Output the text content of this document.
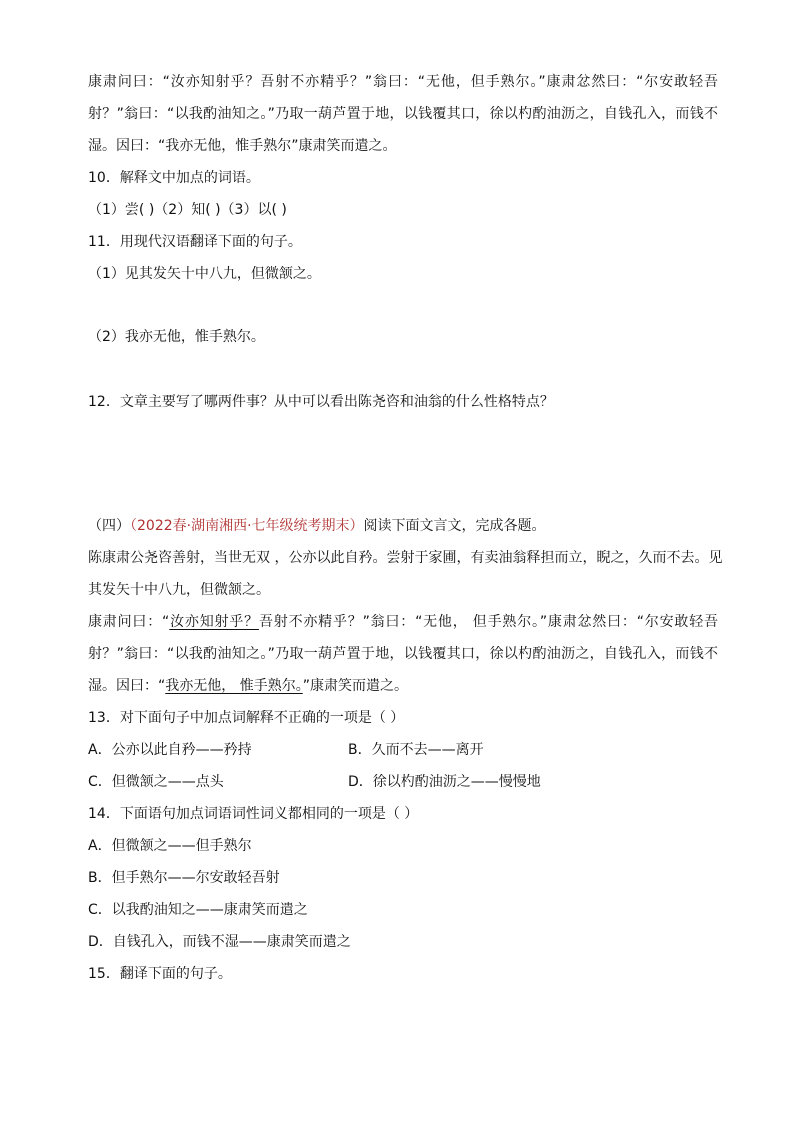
康肃问曰：“汝亦知射乎？吾射不亦精乎？”翁曰：“无他，但手熟尔。”康肃忿然曰：“尔安敢轻吾
射？”翁曰：“以我酌油知之。”乃取一葫芦置于地，以钱覆其口，徐以杓酌油沥之，自钱孔入，而钱不
湿。因曰：“我亦无他，惟手熟尔”康肃笑而遣之。
10．解释文中加点的词语。
（1）尝( )（2）知( )（3）以( )
11．用现代汉语翻译下面的句子。
（1）见其发矢十中八九，但微颔之。
（2）我亦无他，惟手熟尔。
12．文章主要写了哪两件事？从中可以看出陈尧咨和油翁的什么性格特点？
（四）（2022春·湖南湘西·七年级统考期末）阅读下面文言文，完成各题。
陈康肃公尧咨善射，当世无双 ，公亦以此自矜。尝射于家圃，有卖油翁释担而立，睨之，久而不去。见
其发矢十中八九，但微颔之。
康肃问曰：“汝亦知射乎？吾射不亦精乎？”翁曰：“无他， 但手熟尔。”康肃忿然曰：“尔安敢轻吾
射？”翁曰：“以我酌油知之。”乃取一葫芦置于地，以钱覆其口，徐以杓酌油沥之，自钱孔入，而钱不
湿。因曰：“我亦无他， 惟手熟尔。”康肃笑而遣之。
13．对下面句子中加点词解释不正确的一项是（ ）
A．公亦以此自矜——矜持	B．久而不去——离开
C．但微颔之——点头	D．徐以杓酌油沥之——慢慢地
14．下面语句加点词语词性词义都相同的一项是（ ）
A．但微颔之——但手熟尔
B．但手熟尔——尔安敢轻吾射
C．以我酌油知之——康肃笑而遣之
D．自钱孔入，而钱不湿——康肃笑而遣之
15．翻译下面的句子。
